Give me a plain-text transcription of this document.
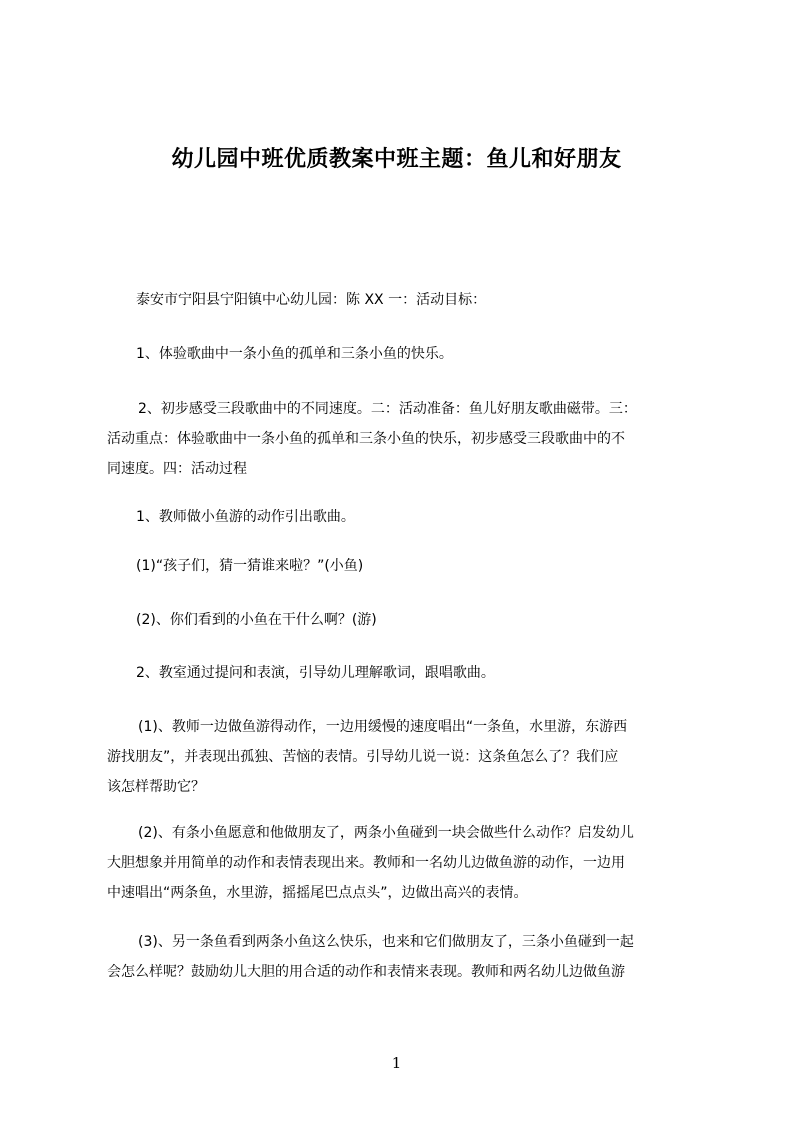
幼儿园中班优质教案中班主题：鱼儿和好朋友
泰安市宁阳县宁阳镇中心幼儿园：陈 XX 一：活动目标：
1、体验歌曲中一条小鱼的孤单和三条小鱼的快乐。
2、初步感受三段歌曲中的不同速度。二：活动准备：鱼儿好朋友歌曲磁带。三：
活动重点：体验歌曲中一条小鱼的孤单和三条小鱼的快乐，初步感受三段歌曲中的不
同速度。四：活动过程
1、教师做小鱼游的动作引出歌曲。
(1)“孩子们，猜一猜谁来啦？”(小鱼)
(2)、你们看到的小鱼在干什么啊？(游)
2、教室通过提问和表演，引导幼儿理解歌词，跟唱歌曲。
(1)、教师一边做鱼游得动作，一边用缓慢的速度唱出“一条鱼，水里游，东游西
游找朋友”，并表现出孤独、苦恼的表情。引导幼儿说一说：这条鱼怎么了？我们应
该怎样帮助它？
(2)、有条小鱼愿意和他做朋友了，两条小鱼碰到一块会做些什么动作？启发幼儿
大胆想象并用简单的动作和表情表现出来。教师和一名幼儿边做鱼游的动作，一边用
中速唱出“两条鱼，水里游，摇摇尾巴点点头”，边做出高兴的表情。
(3)、另一条鱼看到两条小鱼这么快乐，也来和它们做朋友了，三条小鱼碰到一起
会怎么样呢？鼓励幼儿大胆的用合适的动作和表情来表现。教师和两名幼儿边做鱼游
1
